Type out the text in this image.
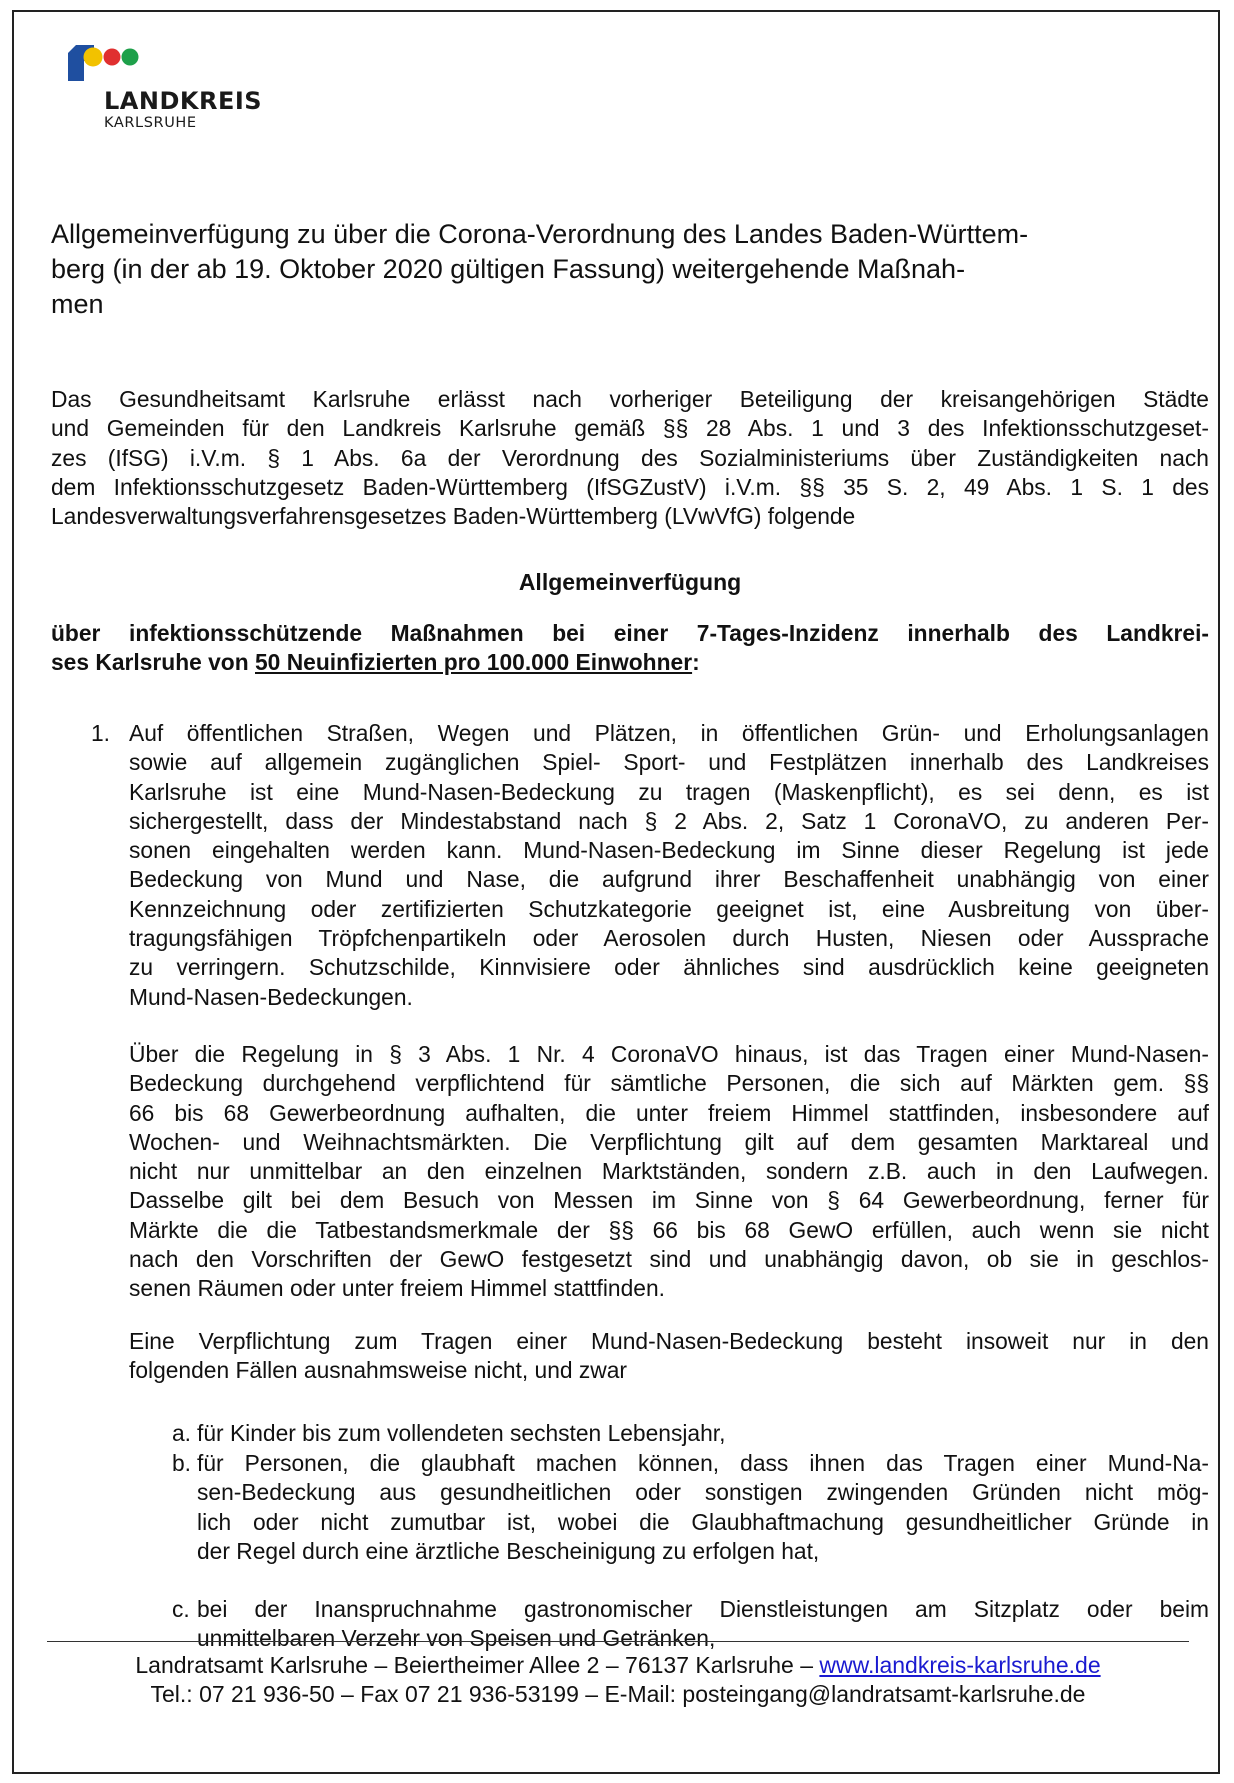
LANDKREIS
KARLSRUHE
Allgemeinverfügung zu über die Corona-Verordnung des Landes Baden-Württem-
berg (in der ab 19. Oktober 2020 gültigen Fassung) weitergehende Maßnah-
men
Das Gesundheitsamt Karlsruhe erlässt nach vorheriger Beteiligung der kreisangehörigen Städte
und Gemeinden für den Landkreis Karlsruhe gemäß §§ 28 Abs. 1 und 3 des Infektionsschutzgeset-
zes (IfSG) i.V.m. § 1 Abs. 6a der Verordnung des Sozialministeriums über Zuständigkeiten nach
dem Infektionsschutzgesetz Baden-Württemberg (IfSGZustV) i.V.m. §§ 35 S. 2, 49 Abs. 1 S. 1 des
Landesverwaltungsverfahrensgesetzes Baden-Württemberg (LVwVfG) folgende
Allgemeinverfügung
über infektionsschützende Maßnahmen bei einer 7-Tages-Inzidenz innerhalb des Landkrei-
ses Karlsruhe von 50 Neuinfizierten pro 100.000 Einwohner:
1. Auf öffentlichen Straßen, Wegen und Plätzen, in öffentlichen Grün- und Erholungsanlagen
sowie auf allgemein zugänglichen Spiel- Sport- und Festplätzen innerhalb des Landkreises
Karlsruhe ist eine Mund-Nasen-Bedeckung zu tragen (Maskenpflicht), es sei denn, es ist
sichergestellt, dass der Mindestabstand nach § 2 Abs. 2, Satz 1 CoronaVO, zu anderen Per-
sonen eingehalten werden kann. Mund-Nasen-Bedeckung im Sinne dieser Regelung ist jede
Bedeckung von Mund und Nase, die aufgrund ihrer Beschaffenheit unabhängig von einer
Kennzeichnung oder zertifizierten Schutzkategorie geeignet ist, eine Ausbreitung von über-
tragungsfähigen Tröpfchenpartikeln oder Aerosolen durch Husten, Niesen oder Aussprache
zu verringern. Schutzschilde, Kinnvisiere oder ähnliches sind ausdrücklich keine geeigneten
Mund-Nasen-Bedeckungen.
Über die Regelung in § 3 Abs. 1 Nr. 4 CoronaVO hinaus, ist das Tragen einer Mund-Nasen-
Bedeckung durchgehend verpflichtend für sämtliche Personen, die sich auf Märkten gem. §§
66 bis 68 Gewerbeordnung aufhalten, die unter freiem Himmel stattfinden, insbesondere auf
Wochen- und Weihnachtsmärkten. Die Verpflichtung gilt auf dem gesamten Marktareal und
nicht nur unmittelbar an den einzelnen Marktständen, sondern z.B. auch in den Laufwegen.
Dasselbe gilt bei dem Besuch von Messen im Sinne von § 64 Gewerbeordnung, ferner für
Märkte die die Tatbestandsmerkmale der §§ 66 bis 68 GewO erfüllen, auch wenn sie nicht
nach den Vorschriften der GewO festgesetzt sind und unabhängig davon, ob sie in geschlos-
senen Räumen oder unter freiem Himmel stattfinden.
Eine Verpflichtung zum Tragen einer Mund-Nasen-Bedeckung besteht insoweit nur in den
folgenden Fällen ausnahmsweise nicht, und zwar
a. für Kinder bis zum vollendeten sechsten Lebensjahr,
b. für Personen, die glaubhaft machen können, dass ihnen das Tragen einer Mund-Na-
sen-Bedeckung aus gesundheitlichen oder sonstigen zwingenden Gründen nicht mög-
lich oder nicht zumutbar ist, wobei die Glaubhaftmachung gesundheitlicher Gründe in
der Regel durch eine ärztliche Bescheinigung zu erfolgen hat,
c. bei der Inanspruchnahme gastronomischer Dienstleistungen am Sitzplatz oder beim
unmittelbaren Verzehr von Speisen und Getränken,
Landratsamt Karlsruhe – Beiertheimer Allee 2 – 76137 Karlsruhe – www.landkreis-karlsruhe.de
Tel.: 07 21 936-50 – Fax 07 21 936-53199 – E-Mail: posteingang@landratsamt-karlsruhe.de
